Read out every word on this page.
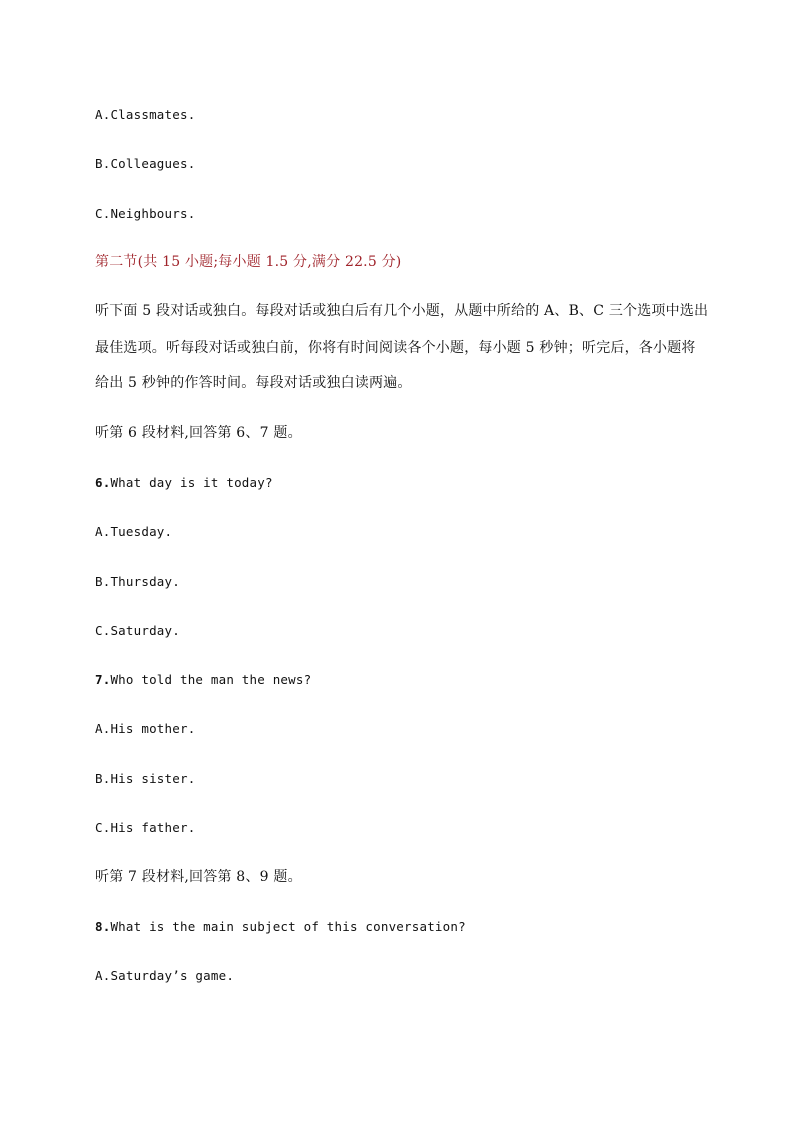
A.Classmates.
B.Colleagues.
C.Neighbours.
第二节(共 15 小题;每小题 1.5 分,满分 22.5 分)
听下面 5 段对话或独白。每段对话或独白后有几个小题，从题中所给的 A、B、C 三个选项中选出
最佳选项。听每段对话或独白前，你将有时间阅读各个小题，每小题 5 秒钟；听完后，各小题将
给出 5 秒钟的作答时间。每段对话或独白读两遍。
听第 6 段材料,回答第 6、7 题。
6.What day is it today?
A.Tuesday.
B.Thursday.
C.Saturday.
7.Who told the man the news?
A.His mother.
B.His sister.
C.His father.
听第 7 段材料,回答第 8、9 题。
8.What is the main subject of this conversation?
A.Saturday’s game.
